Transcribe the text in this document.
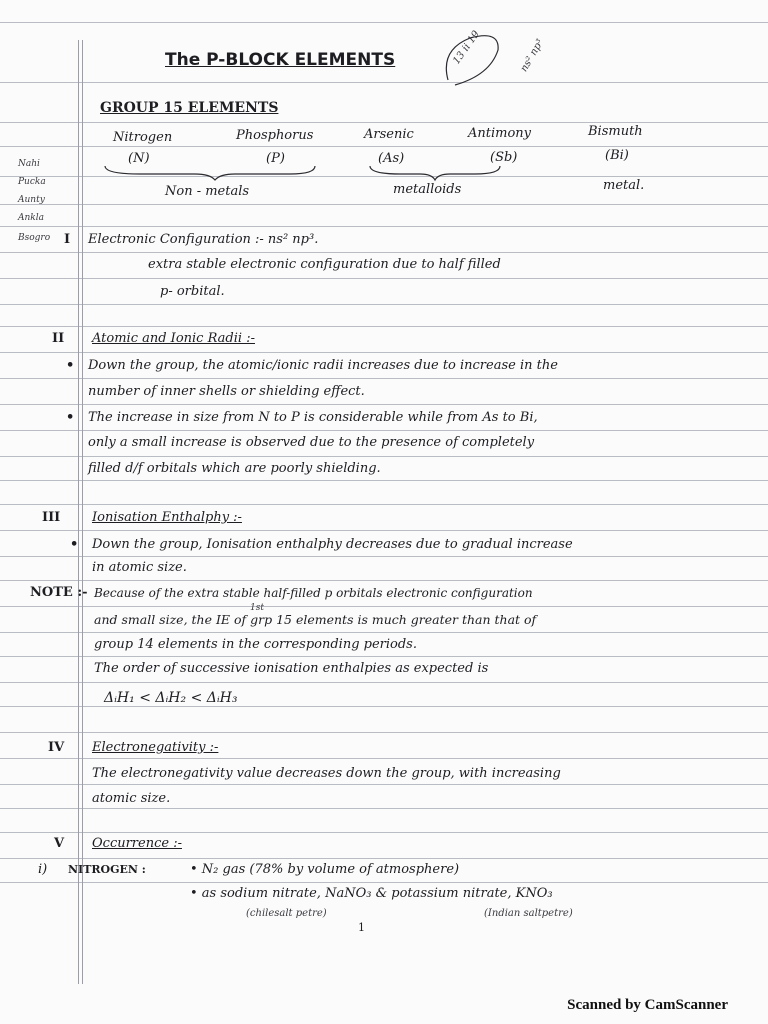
The P-BLOCK ELEMENTS	13 ii 19	ns² np³
GROUP 15 ELEMENTS
Nitrogen	Phosphorus	Arsenic	Antimony	Bismuth
(N)	(P)	(As)	(Sb)	(Bi)
Non - metals	metalloids	metal.
Nahi
Pucka
Aunty
Ankla
Bsogro I Electronic Configuration :- ns² np³.
extra stable electronic configuration due to half filled
p- orbital.
II Atomic and Ionic Radii :-
• Down the group, the atomic/ionic radii increases due to increase in the
number of inner shells or shielding effect.
• The increase in size from N to P is considerable while from As to Bi,
only a small increase is observed due to the presence of completely
filled d/f orbitals which are poorly shielding.
III Ionisation Enthalphy :-
• Down the group, Ionisation enthalphy decreases due to gradual increase
in atomic size.
NOTE :- Because of the extra stable half-filled p orbitals electronic configuration
1st
and small size, the IE of grp 15 elements is much greater than that of
group 14 elements in the corresponding periods.
The order of successive ionisation enthalpies as expected is
ΔᵢH₁ < ΔᵢH₂ < ΔᵢH₃
IV Electronegativity :-
The electronegativity value decreases down the group, with increasing
atomic size.
V Occurrence :-
i) NITROGEN :	• N₂ gas (78% by volume of atmosphere)
• as sodium nitrate, NaNO₃ & potassium nitrate, KNO₃
(chilesalt petre)	(Indian saltpetre)
1
Scanned by CamScanner
